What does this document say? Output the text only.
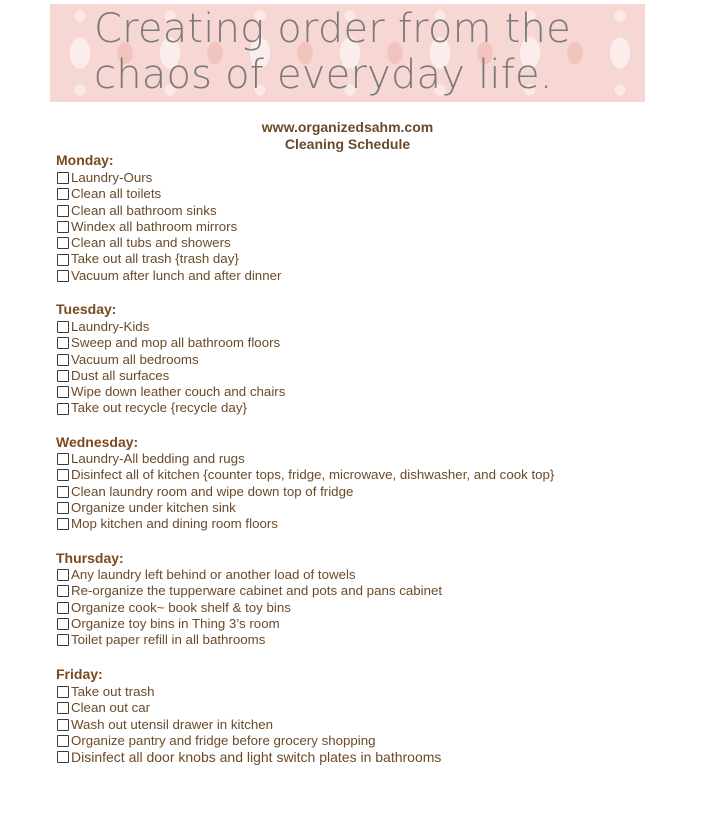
Creating order from the
chaos of everyday life.
www.organizedsahm.com
Cleaning Schedule
Monday:
Laundry-Ours
Clean all toilets
Clean all bathroom sinks
Windex all bathroom mirrors
Clean all tubs and showers
Take out all trash {trash day}
Vacuum after lunch and after dinner
Tuesday:
Laundry-Kids
Sweep and mop all bathroom floors
Vacuum all bedrooms
Dust all surfaces
Wipe down leather couch and chairs
Take out recycle {recycle day}
Wednesday:
Laundry-All bedding and rugs
Disinfect all of kitchen {counter tops, fridge, microwave, dishwasher, and cook top}
Clean laundry room and wipe down top of fridge
Organize under kitchen sink
Mop kitchen and dining room floors
Thursday:
Any laundry left behind or another load of towels
Re-organize the tupperware cabinet and pots and pans cabinet
Organize cook~ book shelf & toy bins
Organize toy bins in Thing 3’s room
Toilet paper refill in all bathrooms
Friday:
Take out trash
Clean out car
Wash out utensil drawer in kitchen
Organize pantry and fridge before grocery shopping
Disinfect all door knobs and light switch plates in bathrooms
